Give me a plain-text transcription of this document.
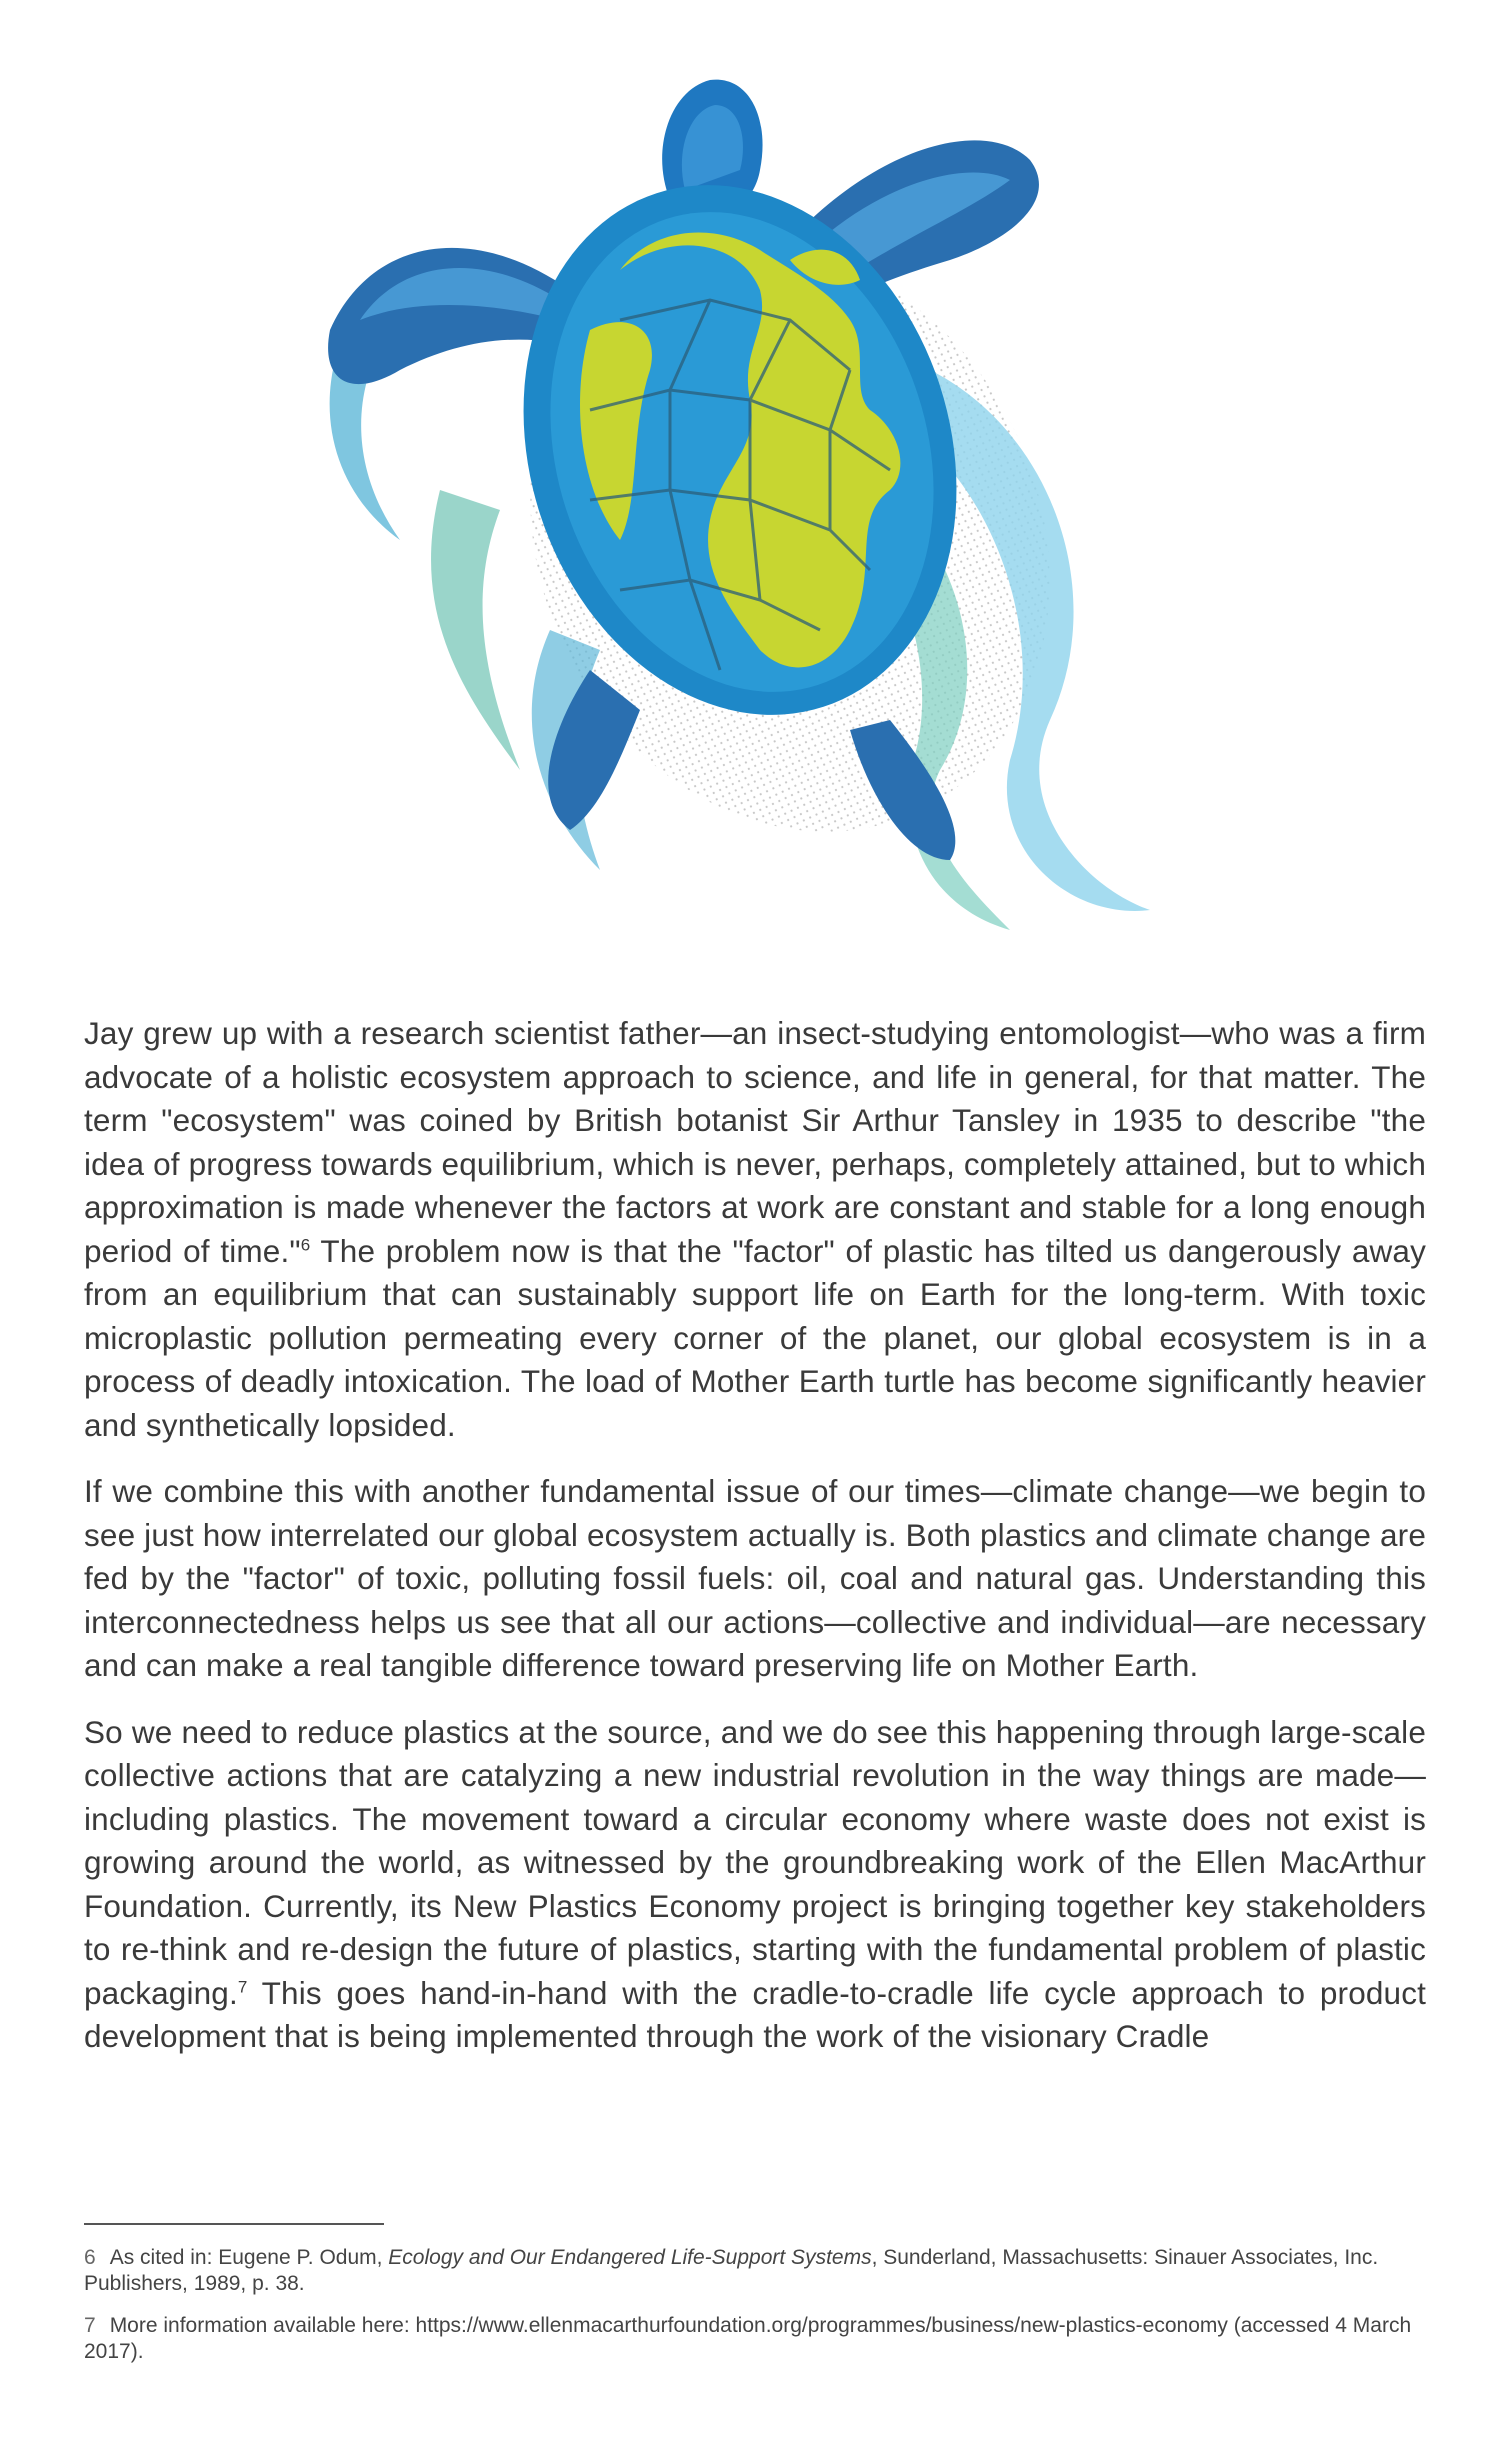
Jay grew up with a research scientist father—an insect-studying entomologist—who was a firm advocate of a holistic ecosystem approach to science, and life in general, for that matter. The term "ecosystem" was coined by British botanist Sir Arthur Tansley in 1935 to describe "the idea of progress towards equilibrium, which is never, perhaps, completely attained, but to which approximation is made whenever the factors at work are constant and stable for a long enough period of time."$^6$ The problem now is that the "factor" of plastic has tilted us dangerously away from an equilibrium that can sustainably support life on Earth for the long-term. With toxic microplastic pollution permeating every corner of the planet, our global ecosystem is in a process of deadly intoxication. The load of Mother Earth turtle has become significantly heavier and synthetically lopsided.

If we combine this with another fundamental issue of our times—climate change—we begin to see just how interrelated our global ecosystem actually is. Both plastics and climate change are fed by the "factor" of toxic, polluting fossil fuels: oil, coal and natural gas. Understanding this interconnectedness helps us see that all our actions—collective and individual—are necessary and can make a real tangible difference toward preserving life on Mother Earth.

So we need to reduce plastics at the source, and we do see this happening through large-scale collective actions that are catalyzing a new industrial revolution in the way things are made—including plastics. The movement toward a circular economy where waste does not exist is growing around the world, as witnessed by the groundbreaking work of the Ellen MacArthur Foundation. Currently, its New Plastics Economy project is bringing together key stakeholders to re-think and re-design the future of plastics, starting with the fundamental problem of plastic packaging.$^7$ This goes hand-in-hand with the cradle-to-cradle life cycle approach to product development that is being implemented through the work of the visionary Cradle

6 As cited in: Eugene P. Odum, Ecology and Our Endangered Life-Support Systems, Sunderland, Massachusetts: Sinauer Associates, Inc. Publishers, 1989, p. 38.

7 More information available here: https://www.ellenmacarthurfoundation.org/programmes/business/new-plastics-economy (accessed 4 March 2017).
